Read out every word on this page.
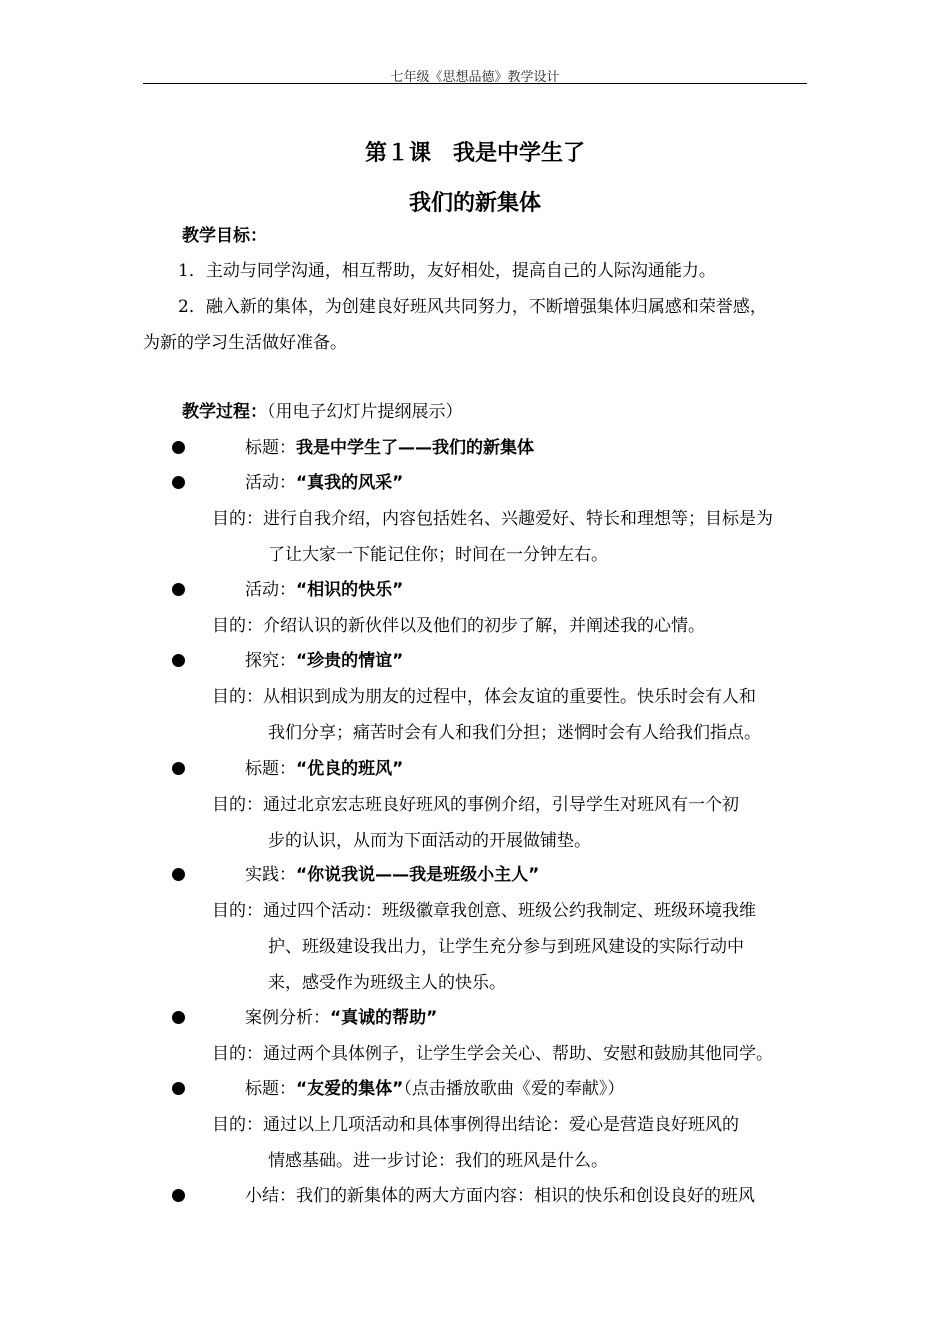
七年级《思想品德》教学设计
第１课　我是中学生了
我们的新集体
教学目标：
1．主动与同学沟通，相互帮助，友好相处，提高自己的人际沟通能力。
2．融入新的集体，为创建良好班风共同努力，不断增强集体归属感和荣誉感，
为新的学习生活做好准备。
教学过程：（用电子幻灯片提纲展示）
标题：我是中学生了——我们的新集体
活动：“真我的风采”
目的：进行自我介绍，内容包括姓名、兴趣爱好、特长和理想等；目标是为
了让大家一下能记住你；时间在一分钟左右。
活动：“相识的快乐”
目的：介绍认识的新伙伴以及他们的初步了解，并阐述我的心情。
探究：“珍贵的情谊”
目的：从相识到成为朋友的过程中，体会友谊的重要性。快乐时会有人和
我们分享；痛苦时会有人和我们分担；迷惘时会有人给我们指点。
标题：“优良的班风”
目的：通过北京宏志班良好班风的事例介绍，引导学生对班风有一个初
步的认识，从而为下面活动的开展做铺垫。
实践：“你说我说——我是班级小主人”
目的：通过四个活动：班级徽章我创意、班级公约我制定、班级环境我维
护、班级建设我出力，让学生充分参与到班风建设的实际行动中
来，感受作为班级主人的快乐。
案例分析：“真诚的帮助”
目的：通过两个具体例子，让学生学会关心、帮助、安慰和鼓励其他同学。
标题：“友爱的集体”（点击播放歌曲《爱的奉献》）
目的：通过以上几项活动和具体事例得出结论：爱心是营造良好班风的
情感基础。进一步讨论：我们的班风是什么。
小结：我们的新集体的两大方面内容：相识的快乐和创设良好的班风
